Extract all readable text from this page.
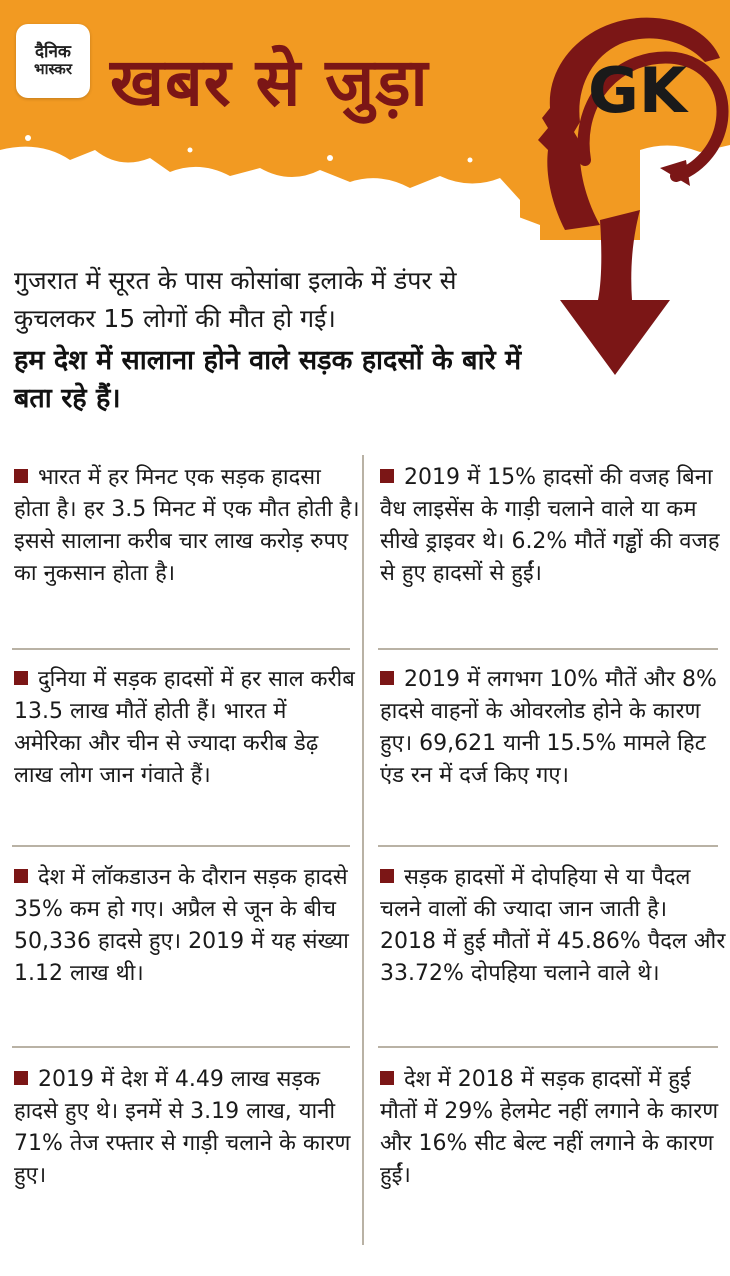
दैनिक
भास्कर खबर से जुड़ा	GK

गुजरात में सूरत के पास कोसांबा इलाके में डंपर से कुचलकर 15 लोगों की मौत हो गई।

हम देश में सालाना होने वाले सड़क हादसों के बारे में बता रहे हैं।

भारत में हर मिनट एक सड़क हादसा होता है। हर 3.5 मिनट में एक मौत होती है। इससे सालाना करीब चार लाख करोड़ रुपए का नुकसान होता है।
दुनिया में सड़क हादसों में हर साल करीब 13.5 लाख मौतें होती हैं। भारत में अमेरिका और चीन से ज्यादा करीब डेढ़ लाख लोग जान गंवाते हैं।
देश में लॉकडाउन के दौरान सड़क हादसे 35% कम हो गए। अप्रैल से जून के बीच 50,336 हादसे हुए। 2019 में यह संख्या 1.12 लाख थी।
2019 में देश में 4.49 लाख सड़क हादसे हुए थे। इनमें से 3.19 लाख, यानी 71% तेज रफ्तार से गाड़ी चलाने के कारण हुए।
2019 में 15% हादसों की वजह बिना वैध लाइसेंस के गाड़ी चलाने वाले या कम सीखे ड्राइवर थे। 6.2% मौतें गड्ढों की वजह से हुए हादसों से हुईं।
2019 में लगभग 10% मौतें और 8% हादसे वाहनों के ओवरलोड होने के कारण हुए। 69,621 यानी 15.5% मामले हिट एंड रन में दर्ज किए गए।
सड़क हादसों में दोपहिया से या पैदल चलने वालों की ज्यादा जान जाती है। 2018 में हुई मौतों में 45.86% पैदल और 33.72% दोपहिया चलाने वाले थे।
देश में 2018 में सड़क हादसों में हुई मौतों में 29% हेलमेट नहीं लगाने के कारण और 16% सीट बेल्ट नहीं लगाने के कारण हुईं।
